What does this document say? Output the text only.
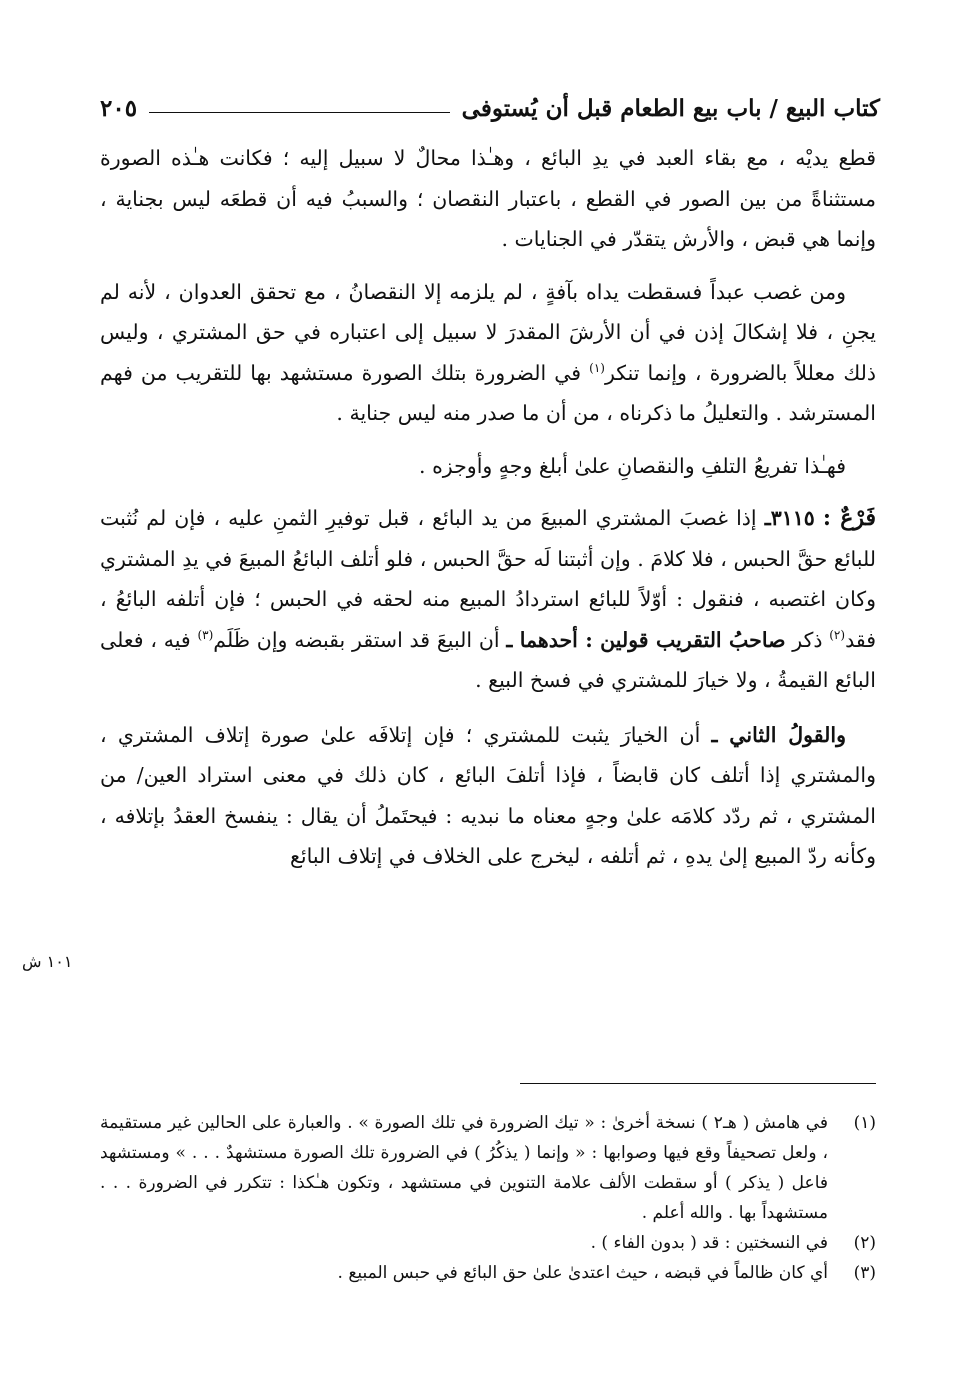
كتاب البيع / باب بيع الطعام قبل أن يُستوفى
٢٠٥

قطع يديْه ، مع بقاء العبد في يدِ البائع ، وهـٰذا محالٌ لا سبيل إليه ؛ فكانت هـٰذه الصورة مستثناةً من بين الصور في القطع ، باعتبار النقصان ؛ والسببُ فيه أن قطعَه ليس بجناية ، وإنما هي قبض ، والأرش يتقدّر في الجنايات .

ومن غصب عبداً فسقطت يداه بآفةٍ ، لم يلزمه إلا النقصانُ ، مع تحقق العدوان ، لأنه لم يجنِ ، فلا إشكالَ إذن في أن الأرشَ المقدرَ لا سبيل إلى اعتباره في حق المشتري ، وليس ذلك معللاً بالضرورة ، وإنما تنكر$^{(١)}$ في الضرورة بتلك الصورة مستشهد بها للتقريب من فهم المسترشد . والتعليلُ ما ذكرناه ، من أن ما صدر منه ليس جناية .

فهـٰذا تفريعُ التلفِ والنقصانِ علىٰ أبلغ وجهٍ وأوجزه .

فَرْعٌ : ٣١١٥ـ إذا غصبَ المشتري المبيعَ من يد البائع ، قبل توفيرِ الثمنِ عليه ، فإن لم نُثبت للبائع حقَّ الحبس ، فلا كلامَ . وإن أثبتنا لَه حقَّ الحبس ، فلو أتلف البائعُ المبيعَ في يدِ المشتري وكان اغتصبه ، فنقول : أوّلاً للبائع استردادُ المبيع منه لحقه في الحبس ؛ فإن أتلفه البائعُ ، فقد$^{(٢)}$ ذكر صاحبُ التقريب قولين : أحدهما ـ أن البيعَ قد استقر بقبضه وإن ظَلَم$^{(٣)}$ فيه ، فعلى البائع القيمةُ ، ولا خيارَ للمشتري في فسخ البيع .

والقولُ الثاني ـ أن الخيارَ يثبت للمشتري ؛ فإن إتلافَه علىٰ صورة إتلاف المشتري ، والمشتري إذا أتلف كان قابضاً ، فإذا أتلفَ البائع ، كان ذلك في معنى استراد العين/ من المشتري ، ثم ردّد كلامَه علىٰ وجهٍ معناه ما نبديه : فيحتَملُ أن يقال : ينفسخ العقدُ بإتلافه ، وكأنه ردّ المبيع إلىٰ يدهِ ، ثم أتلفه ، ليخرج على الخلاف في إتلاف البائع

١٠١ ش
(١)
في هامش ( هـ٢ ) نسخة أخرىٰ : « تيك الضرورة في تلك الصورة » . والعبارة على الحالين غير مستقيمة ، ولعل تصحيفاً وقع فيها وصوابها : « وإنما ( يذكُرُ ) في الضرورة تلك الصورة مستشهدٌ . . . » ومستشهد فاعل ( يذكر ) أو سقطت الألف علامة التنوين في مستشهد ، وتكون هـٰكذا : تتكرر في الضرورة . . . مستشهداً بها . والله أعلم .
(٢)
في النسختين : قد ( بدون الفاء ) .
(٣)
أي كان ظالماً في قبضه ، حيث اعتدىٰ علىٰ حق البائع في حبس المبيع .
